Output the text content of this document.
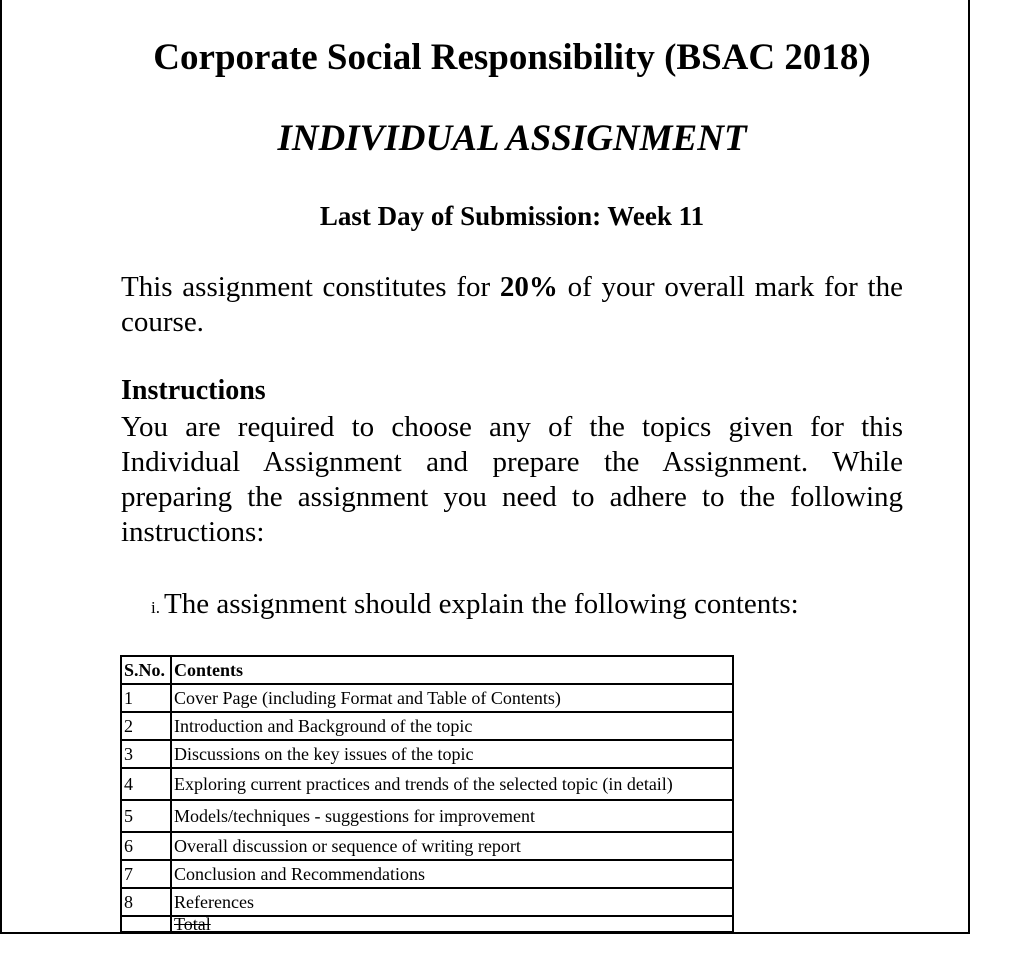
Corporate Social Responsibility (BSAC 2018)
INDIVIDUAL ASSIGNMENT
Last Day of Submission: Week 11
This assignment constitutes for 20% of your overall mark for the course.
Instructions
You are required to choose any of the topics given for this Individual Assignment and prepare the Assignment. While preparing the assignment you need to adhere to the following instructions:
i. The assignment should explain the following contents:
S.No.	Contents
1	Cover Page (including Format and Table of Contents)
2	Introduction and Background of the topic
3	Discussions on the key issues of the topic
4	Exploring current practices and trends of the selected topic (in detail)
5	Models/techniques - suggestions for improvement
6	Overall discussion or sequence of writing report
7	Conclusion and Recommendations
8	References
	Total
